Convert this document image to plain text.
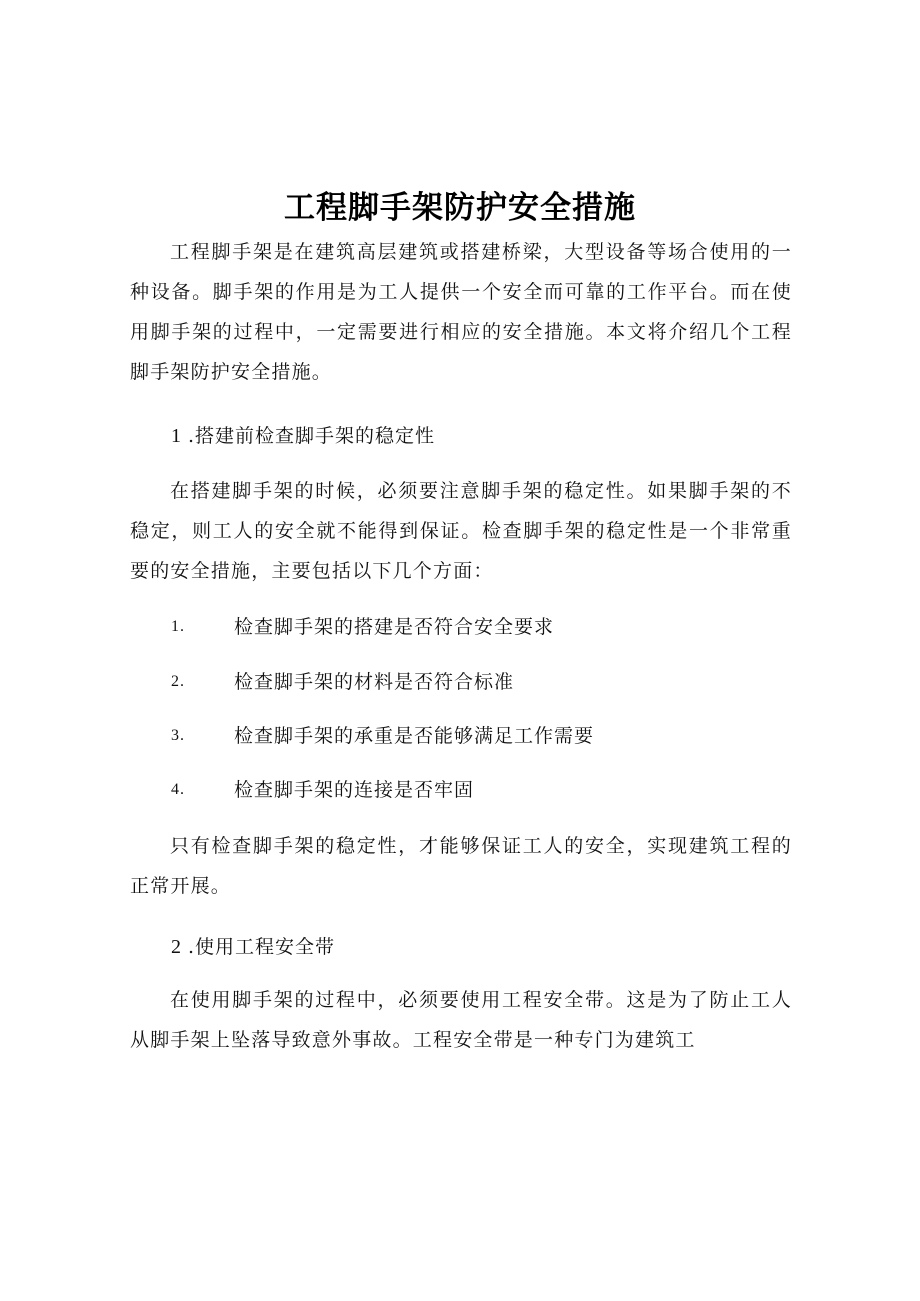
工程脚手架防护安全措施

工程脚手架是在建筑高层建筑或搭建桥梁，大型设备等场合使用的一种设备。脚手架的作用是为工人提供一个安全而可靠的工作平台。而在使用脚手架的过程中，一定需要进行相应的安全措施。本文将介绍几个工程脚手架防护安全措施。

1 .搭建前检查脚手架的稳定性

在搭建脚手架的时候，必须要注意脚手架的稳定性。如果脚手架的不稳定，则工人的安全就不能得到保证。检查脚手架的稳定性是一个非常重要的安全措施，主要包括以下几个方面：

1.	检查脚手架的搭建是否符合安全要求
2.	检查脚手架的材料是否符合标准
3.	检查脚手架的承重是否能够满足工作需要
4.	检查脚手架的连接是否牢固

只有检查脚手架的稳定性，才能够保证工人的安全，实现建筑工程的正常开展。

2 .使用工程安全带

在使用脚手架的过程中，必须要使用工程安全带。这是为了防止工人从脚手架上坠落导致意外事故。工程安全带是一种专门为建筑工
